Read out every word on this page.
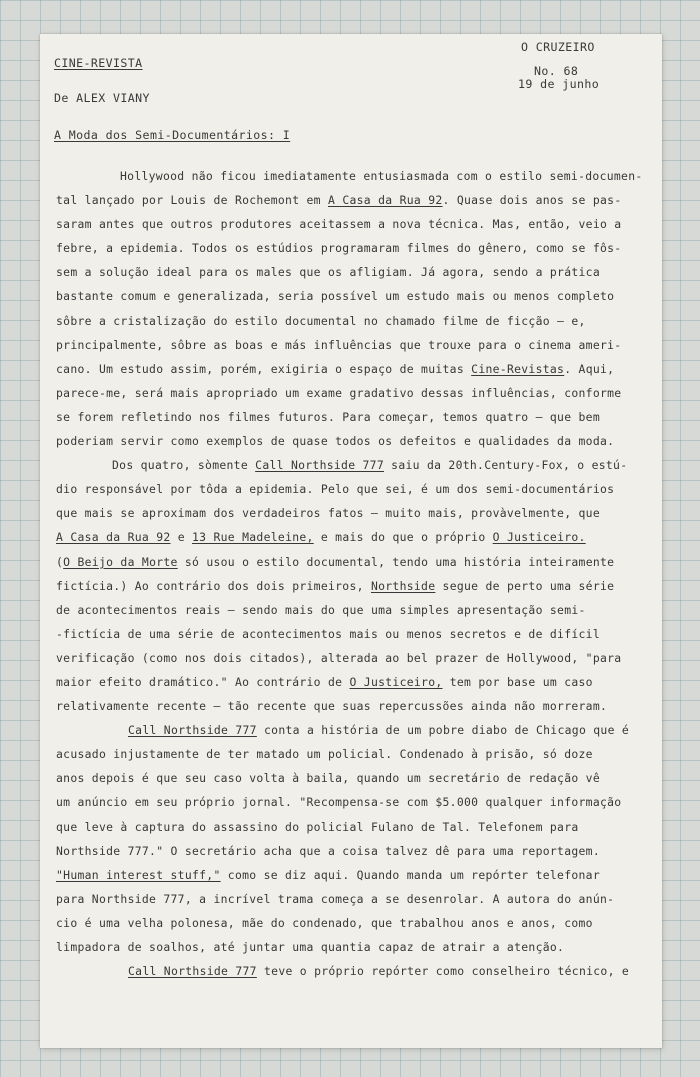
CINE-REVISTA
De ALEX VIANY
A Moda dos Semi-Documentários: I
O CRUZEIRO
No. 68
19 de junho
Hollywood não ficou imediatamente entusiasmada com o estilo semi-documen-
tal lançado por Louis de Rochemont em A Casa da Rua 92. Quase dois anos se pas-
saram antes que outros produtores aceitassem a nova técnica. Mas, então, veio a
febre, a epidemia. Todos os estúdios programaram filmes do gênero, como se fôs-
sem a solução ideal para os males que os afligiam. Já agora, sendo a prática
bastante comum e generalizada, seria possível um estudo mais ou menos completo
sôbre a cristalização do estilo documental no chamado filme de ficção — e,
principalmente, sôbre as boas e más influências que trouxe para o cinema ameri-
cano. Um estudo assim, porém, exigiria o espaço de muitas Cine-Revistas. Aqui,
parece-me, será mais apropriado um exame gradativo dessas influências, conforme
se forem refletindo nos filmes futuros. Para começar, temos quatro — que bem
poderiam servir como exemplos de quase todos os defeitos e qualidades da moda.
Dos quatro, sòmente Call Northside 777 saiu da 20th.Century-Fox, o estú-
dio responsável por tôda a epidemia. Pelo que sei, é um dos semi-documentários
que mais se aproximam dos verdadeiros fatos — muito mais, provàvelmente, que
A Casa da Rua 92 e 13 Rue Madeleine, e mais do que o próprio O Justiceiro.
(O Beijo da Morte só usou o estilo documental, tendo uma história inteiramente
fictícia.) Ao contrário dos dois primeiros, Northside segue de perto uma série
de acontecimentos reais — sendo mais do que uma simples apresentação semi-
-fictícia de uma série de acontecimentos mais ou menos secretos e de difícil
verificação (como nos dois citados), alterada ao bel prazer de Hollywood, "para
maior efeito dramático." Ao contrário de O Justiceiro, tem por base um caso
relativamente recente — tão recente que suas repercussões ainda não morreram.
Call Northside 777 conta a história de um pobre diabo de Chicago que é
acusado injustamente de ter matado um policial. Condenado à prisão, só doze
anos depois é que seu caso volta à baila, quando um secretário de redação vê
um anúncio em seu próprio jornal. "Recompensa-se com $5.000 qualquer informação
que leve à captura do assassino do policial Fulano de Tal. Telefonem para
Northside 777." O secretário acha que a coisa talvez dê para uma reportagem.
"Human interest stuff," como se diz aqui. Quando manda um repórter telefonar
para Northside 777, a incrível trama começa a se desenrolar. A autora do anún-
cio é uma velha polonesa, mãe do condenado, que trabalhou anos e anos, como
limpadora de soalhos, até juntar uma quantia capaz de atrair a atenção.
Call Northside 777 teve o próprio repórter como conselheiro técnico, e
